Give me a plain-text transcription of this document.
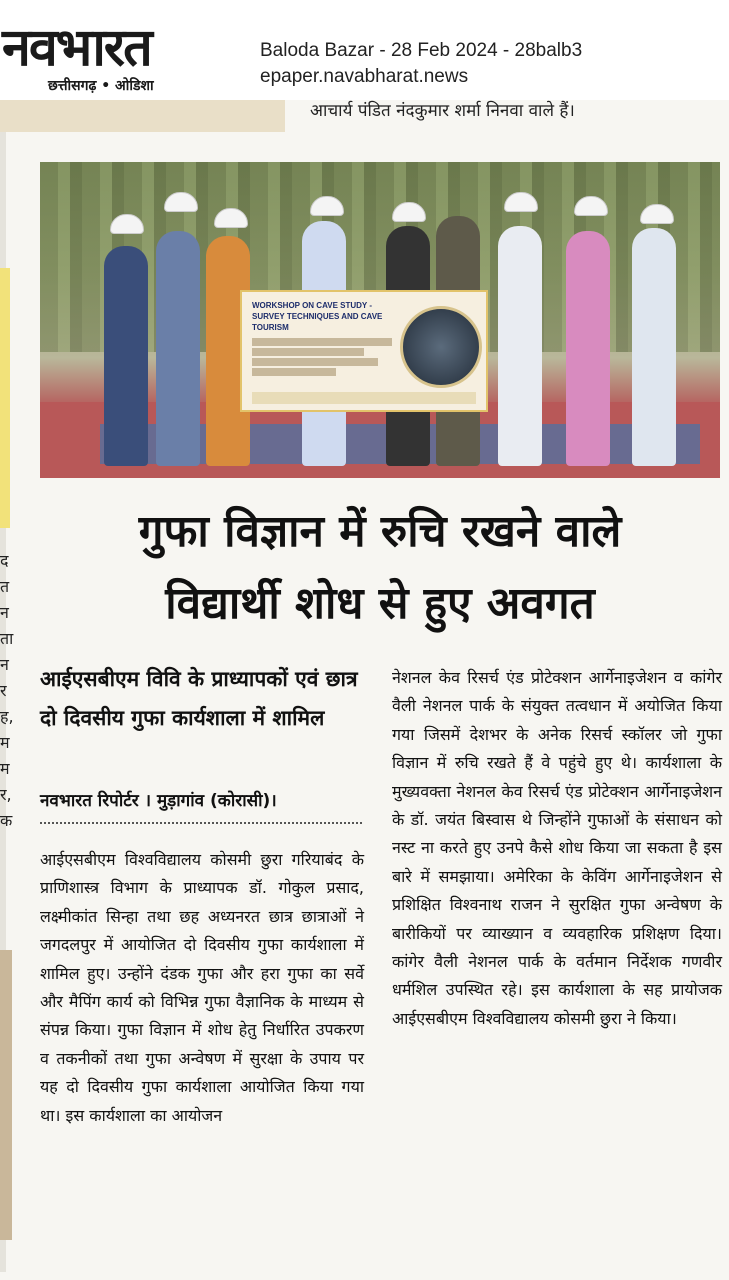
नवभारत
छत्तीसगढ़ • ओडिशा
Baloda Bazar - 28 Feb 2024 - 28balb3
epaper.navabharat.news
आचार्य पंडित नंदकुमार शर्मा निनवा वाले हैं।
द
त
न
ता
न
र
ह,
म
म
र,
क
WORKSHOP ON CAVE STUDY - SURVEY TECHNIQUES AND CAVE TOURISM
गुफा विज्ञान में रुचि रखने वाले
विद्यार्थी शोध से हुए अवगत
आईएसबीएम विवि के प्राध्यापकों एवं छात्र दो दिवसीय गुफा कार्यशाला में शामिल
नवभारत रिपोर्टर । मुड़ागांव (कोरासी)।

आईएसबीएम विश्वविद्यालय कोसमी छुरा गरियाबंद के प्राणिशास्त्र विभाग के प्राध्यापक डॉ. गोकुल प्रसाद, लक्ष्मीकांत सिन्हा तथा छह अध्यनरत छात्र छात्राओं ने जगदलपुर में आयोजित दो दिवसीय गुफा कार्यशाला में शामिल हुए। उन्होंने दंडक गुफा और हरा गुफा का सर्वे और मैपिंग कार्य को विभिन्न गुफा वैज्ञानिक के माध्यम से संपन्न किया। गुफा विज्ञान में शोध हेतु निर्धारित उपकरण व तकनीकों तथा गुफा अन्वेषण में सुरक्षा के उपाय पर यह दो दिवसीय गुफा कार्यशाला आयोजित किया गया था। इस कार्यशाला का आयोजन

नेशनल केव रिसर्च एंड प्रोटेक्शन आर्गेनाइजेशन व कांगेर वैली नेशनल पार्क के संयुक्त तत्वधान में अयोजित किया गया जिसमें देशभर के अनेक रिसर्च स्कॉलर जो गुफा विज्ञान में रुचि रखते हैं वे पहुंचे हुए थे। कार्यशाला के मुख्यवक्ता नेशनल केव रिसर्च एंड प्रोटेक्शन आर्गेनाइजेशन के डॉ. जयंत बिस्वास थे जिन्होंने गुफाओं के संसाधन को नस्ट ना करते हुए उनपे कैसे शोध किया जा सकता है इस बारे में समझाया। अमेरिका के केविंग आर्गेनाइजेशन से प्रशिक्षित विश्वनाथ राजन ने सुरक्षित गुफा अन्वेषण के बारीकियों पर व्याख्यान व व्यवहारिक प्रशिक्षण दिया। कांगेर वैली नेशनल पार्क के वर्तमान निर्देशक गणवीर धर्मशिल उपस्थित रहे। इस कार्यशाला के सह प्रायोजक आईएसबीएम विश्वविद्यालय कोसमी छुरा ने किया।
